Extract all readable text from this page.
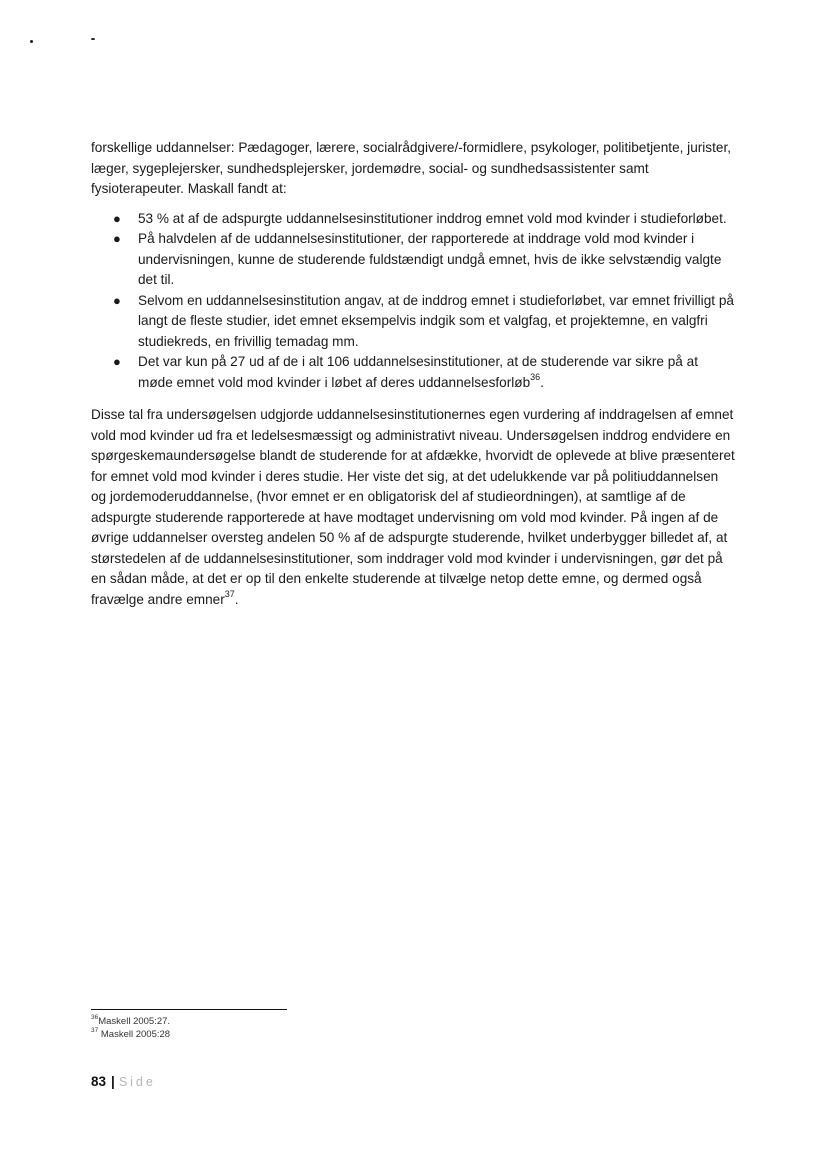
forskellige uddannelser: Pædagoger, lærere, socialrådgivere/-formidlere, psykologer, politibetjente, jurister, læger, sygeplejersker, sundhedsplejersker, jordemødre, social- og sundhedsassistenter samt fysioterapeuter. Maskall fandt at:

● 53 % at af de adspurgte uddannelsesinstitutioner inddrog emnet vold mod kvinder i studieforløbet.
● På halvdelen af de uddannelsesinstitutioner, der rapporterede at inddrage vold mod kvinder i undervisningen, kunne de studerende fuldstændigt undgå emnet, hvis de ikke selvstændig valgte det til.
● Selvom en uddannelsesinstitution angav, at de inddrog emnet i studieforløbet, var emnet frivilligt på langt de fleste studier, idet emnet eksempelvis indgik som et valgfag, et projektemne, en valgfri studiekreds, en frivillig temadag mm.
● Det var kun på 27 ud af de i alt 106 uddannelsesinstitutioner, at de studerende var sikre på at møde emnet vold mod kvinder i løbet af deres uddannelsesforløb$^{36}$.

Disse tal fra undersøgelsen udgjorde uddannelsesinstitutionernes egen vurdering af inddragelsen af emnet vold mod kvinder ud fra et ledelsesmæssigt og administrativt niveau. Undersøgelsen inddrog endvidere en spørgeskemaundersøgelse blandt de studerende for at afdække, hvorvidt de oplevede at blive præsenteret for emnet vold mod kvinder i deres studie. Her viste det sig, at det udelukkende var på politiuddannelsen og jordemoderuddannelse, (hvor emnet er en obligatorisk del af studieordningen), at samtlige af de adspurgte studerende rapporterede at have modtaget undervisning om vold mod kvinder. På ingen af de øvrige uddannelser oversteg andelen 50 % af de adspurgte studerende, hvilket underbygger billedet af, at størstedelen af de uddannelsesinstitutioner, som inddrager vold mod kvinder i undervisningen, gør det på en sådan måde, at det er op til den enkelte studerende at tilvælge netop dette emne, og dermed også fravælge andre emner$^{37}$.

$^{36}$Maskell 2005:27.
$^{37}$ Maskell 2005:28
83 | Side
